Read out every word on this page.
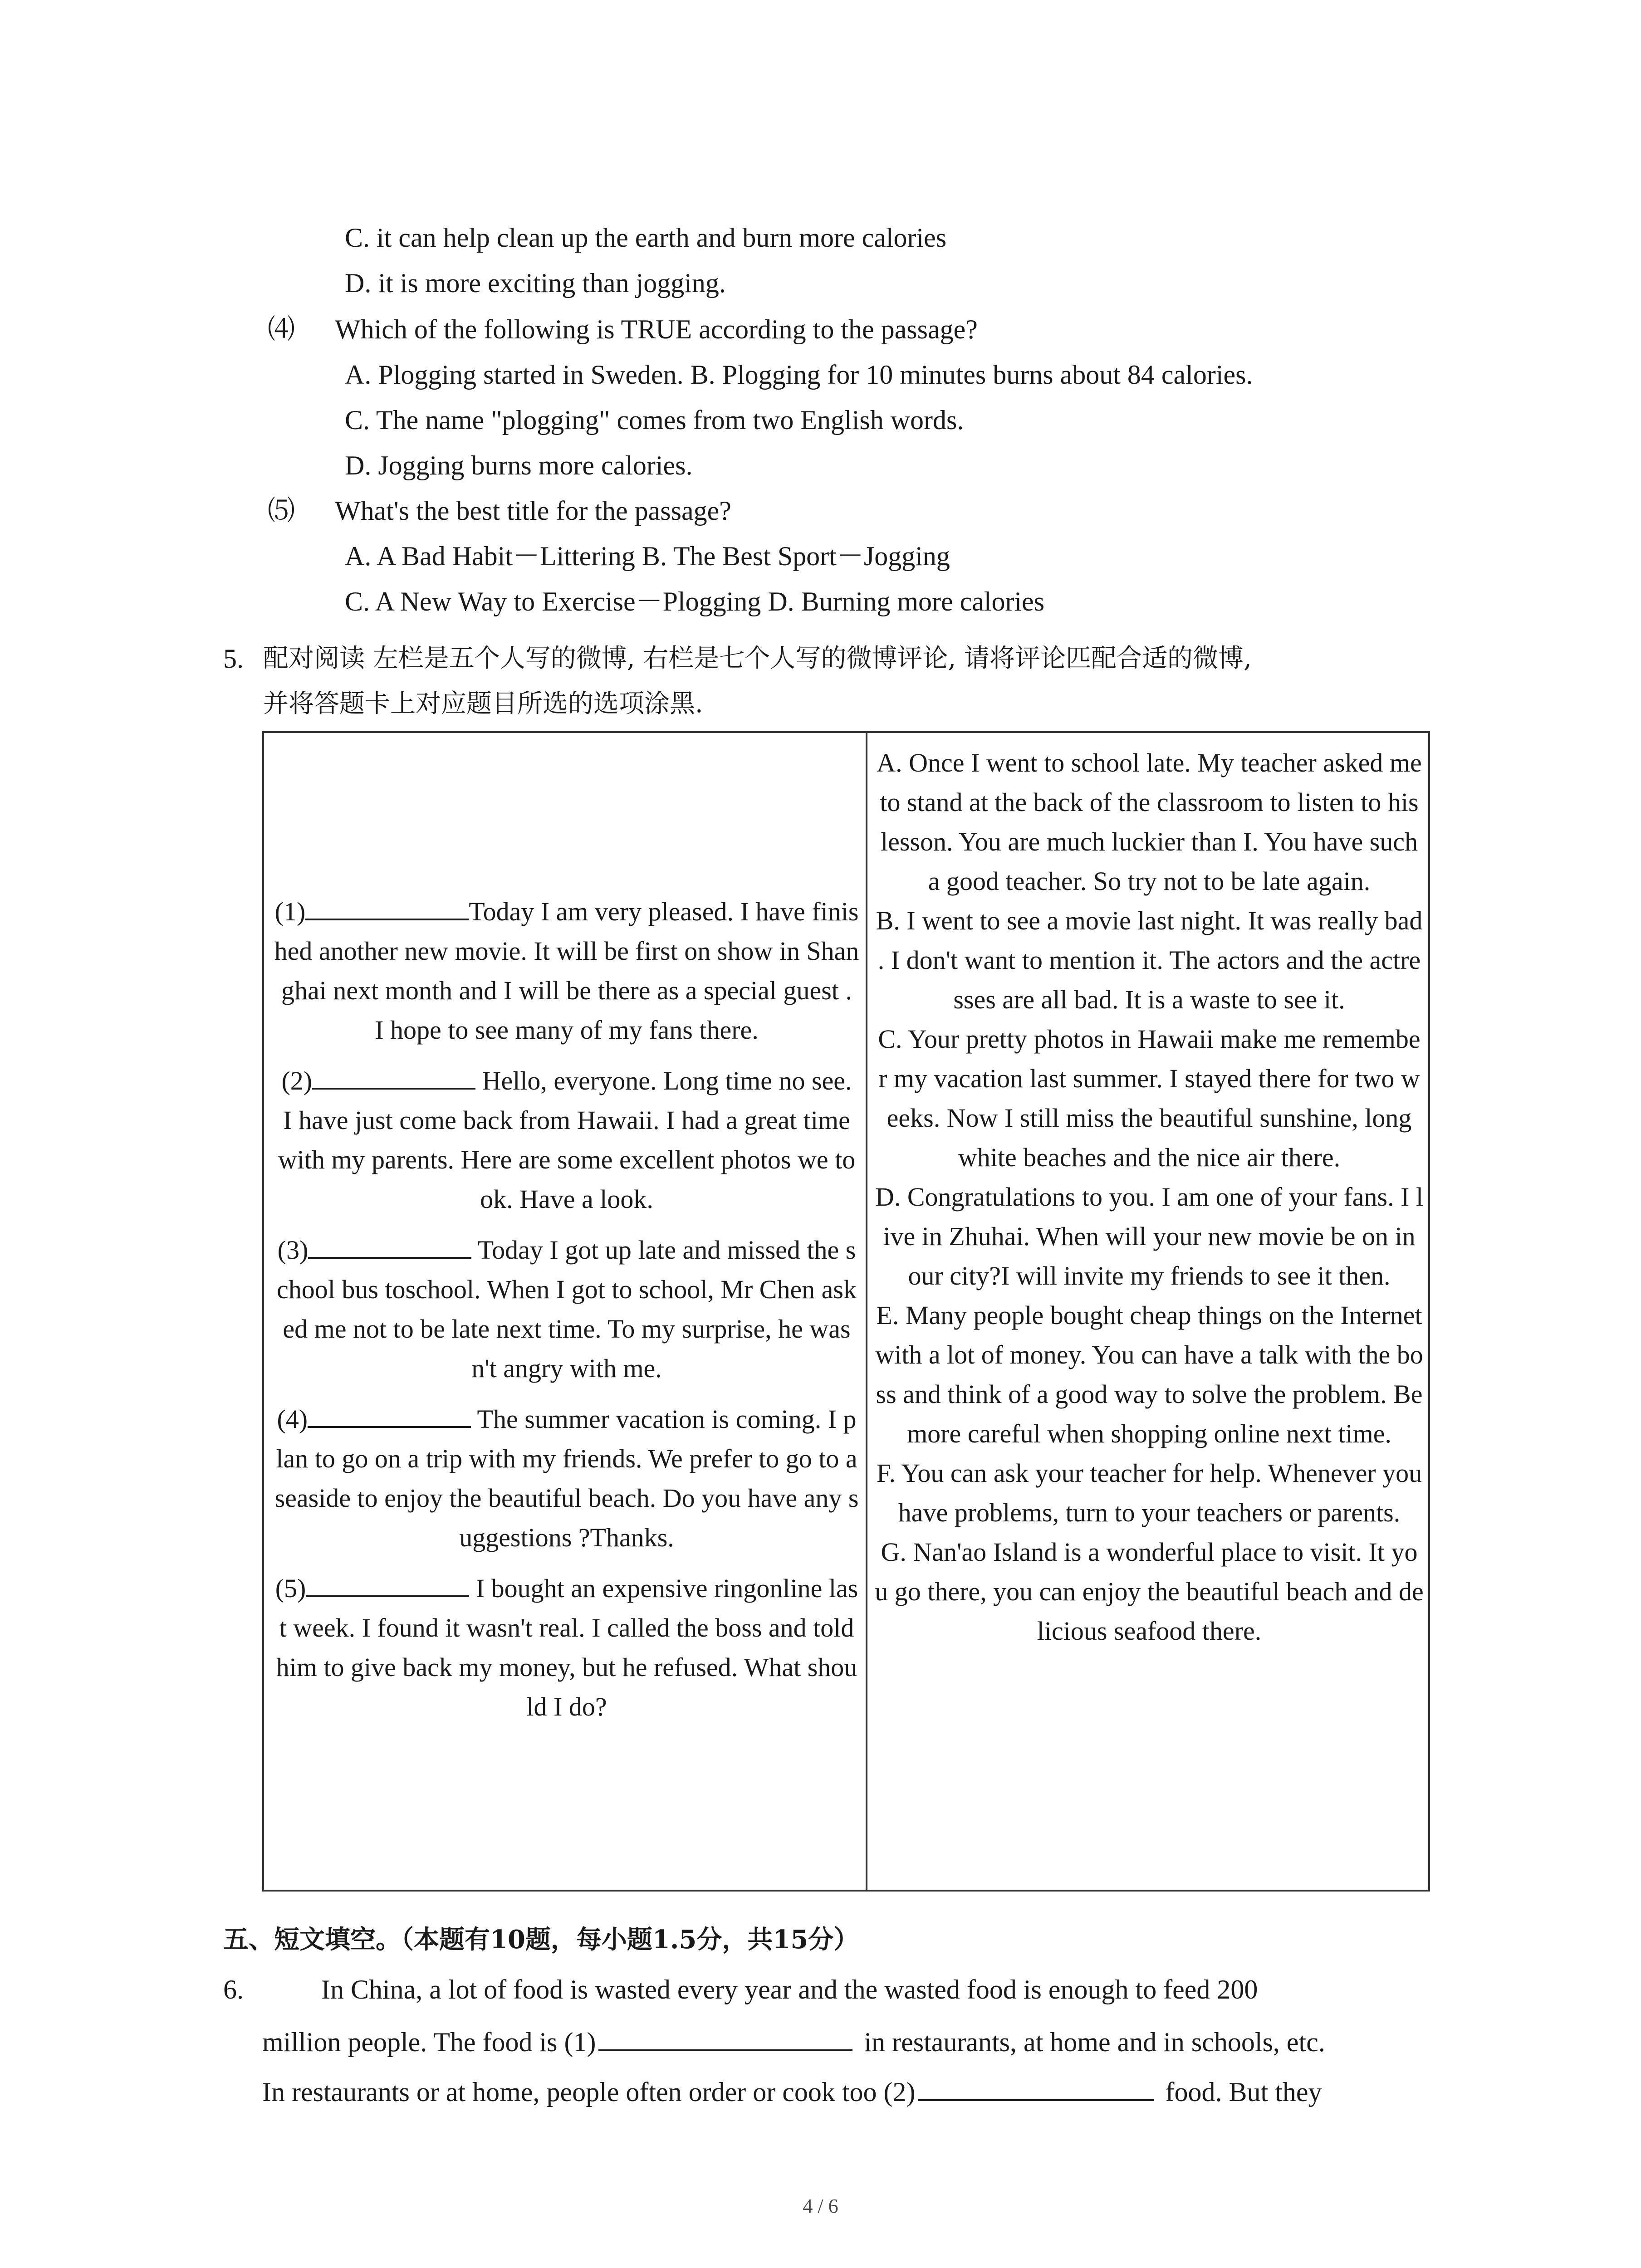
C. it can help clean up the earth and burn more calories
D. it is more exciting than jogging.
⑷ Which of the following is TRUE according to the passage?
A. Plogging started in Sweden. B. Plogging for 10 minutes burns about 84 calories.
C. The name "plogging" comes from two English words.
D. Jogging burns more calories.
⑸ What's the best title for the passage?
A. A Bad Habit－Littering B. The Best Sport－Jogging
C. A New Way to Exercise－Plogging D. Burning more calories
5. 配对阅读 左栏是五个人写的微博, 右栏是七个人写的微博评论, 请将评论匹配合适的微博,
并将答题卡上对应题目所选的选项涂黑.
(1)	Today I am very pleased. I have finished another new movie. It will be first on show in Shanghai next month and I will be there as a special guest . I hope to see many of my fans there.
(2)	Hello, everyone. Long time no see. I have just come back from Hawaii. I had a great time with my parents. Here are some excellent photos we took. Have a look.
(3)	Today I got up late and missed the school bus toschool. When I got to school, Mr Chen asked me not to be late next time. To my surprise, he wasn't angry with me.
(4)	The summer vacation is coming. I plan to go on a trip with my friends. We prefer to go to a seaside to enjoy the beautiful beach. Do you have any suggestions ?Thanks.
(5)	I bought an expensive ringonline last week. I found it wasn't real. I called the boss and told him to give back my money, but he refused. What should I do?
A. Once I went to school late. My teacher asked me to stand at the back of the classroom to listen to his lesson. You are much luckier than I. You have such a good teacher. So try not to be late again.
B. I went to see a movie last night. It was really bad . I don't want to mention it. The actors and the actresses are all bad. It is a waste to see it.
C. Your pretty photos in Hawaii make me remember my vacation last summer. I stayed there for two weeks. Now I still miss the beautiful sunshine, long white beaches and the nice air there.
D. Congratulations to you. I am one of your fans. I live in Zhuhai. When will your new movie be on in our city?I will invite my friends to see it then.
E. Many people bought cheap things on the Internet with a lot of money. You can have a talk with the boss and think of a good way to solve the problem. Be more careful when shopping online next time.
F. You can ask your teacher for help. Whenever you have problems, turn to your teachers or parents.
G. Nan'ao Island is a wonderful place to visit. It you go there, you can enjoy the beautiful beach and delicious seafood there.
五、短文填空。（本题有10题，每小题1.5分，共15分）
6.	In China, a lot of food is wasted every year and the wasted food is enough to feed 200
million people. The food is (1)	in restaurants, at home and in schools, etc.
In restaurants or at home, people often order or cook too (2)	food. But they
4 / 6
